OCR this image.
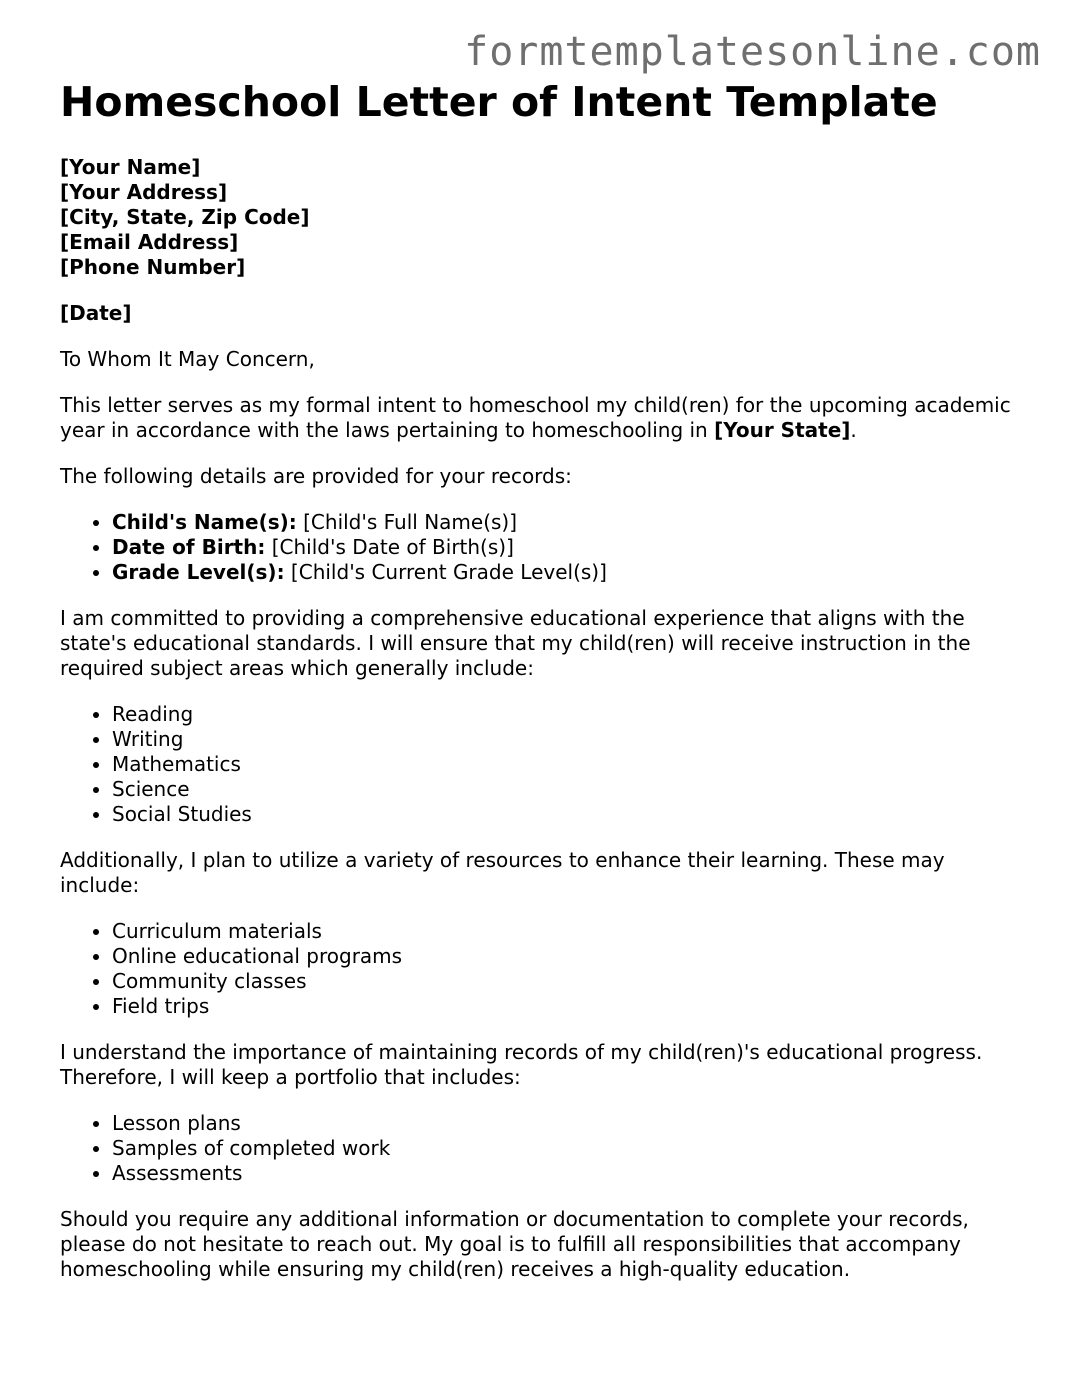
formtemplatesonline.com
Homeschool Letter of Intent Template
[Your Name]
[Your Address]
[City, State, Zip Code]
[Email Address]
[Phone Number]

[Date]

To Whom It May Concern,

This letter serves as my formal intent to homeschool my child(ren) for the upcoming academic year in accordance with the laws pertaining to homeschooling in [Your State].

The following details are provided for your records:

• Child's Name(s): [Child's Full Name(s)]
• Date of Birth: [Child's Date of Birth(s)]
• Grade Level(s): [Child's Current Grade Level(s)]

I am committed to providing a comprehensive educational experience that aligns with the state's educational standards. I will ensure that my child(ren) will receive instruction in the required subject areas which generally include:

• Reading
• Writing
• Mathematics
• Science
• Social Studies

Additionally, I plan to utilize a variety of resources to enhance their learning. These may include:

• Curriculum materials
• Online educational programs
• Community classes
• Field trips

I understand the importance of maintaining records of my child(ren)'s educational progress. Therefore, I will keep a portfolio that includes:

• Lesson plans
• Samples of completed work
• Assessments

Should you require any additional information or documentation to complete your records, please do not hesitate to reach out. My goal is to fulfill all responsibilities that accompany homeschooling while ensuring my child(ren) receives a high-quality education.
